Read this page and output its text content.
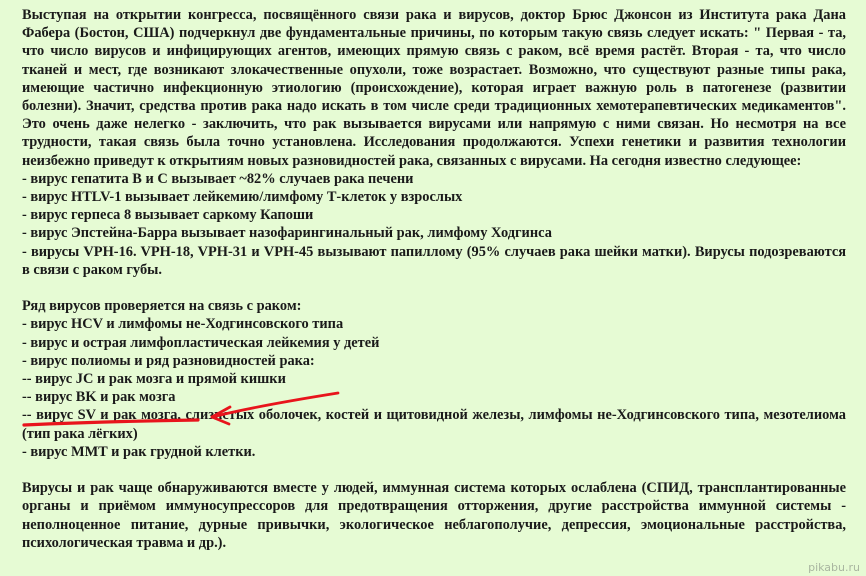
Выступая на открытии конгресса, посвящённого связи рака и вирусов, доктор Брюс Джонсон из Института рака Дана Фабера (Бостон, США) подчеркнул две фундаментальные причины, по которым такую связь следует искать: " Первая - та, что число вирусов и инфицирующих агентов, имеющих прямую связь с раком, всё время растёт. Вторая - та, что число тканей и мест, где возникают злокачественные опухоли, тоже возрастает. Возможно, что существуют разные типы рака, имеющие частично инфекционную этиологию (происхождение), которая играет важную роль в патогенезе (развитии болезни). Значит, средства против рака надо искать в том числе среди традиционных хемотерапевтических медикаментов". Это очень даже нелегко - заключить, что рак вызывается вирусами или напрямую с ними связан. Но несмотря на все трудности, такая связь была точно установлена. Исследования продолжаются. Успехи генетики и развития технологии неизбежно приведут к открытиям новых разновидностей рака, связанных с вирусами. На сегодня известно следующее:

- вирус гепатита B и C вызывает ~82% случаев рака печени
- вирус HTLV-1 вызывает лейкемию/лимфому Т-клеток у взрослых
- вирус герпеса 8 вызывает саркому Капоши
- вирус Эпстейна-Барра вызывает назофарингинальный рак, лимфому Ходгинса
- вирусы VPH-16. VPH-18, VPH-31 и VPH-45 вызывают папиллому (95% случаев рака шейки матки). Вирусы подозреваются в связи с раком губы.
Ряд вирусов проверяется на связь с раком:
- вирус HCV и лимфомы не-Ходгинсовского типа
- вирус и острая лимфопластическая лейкемия у детей
- вирус полиомы и ряд разновидностей рака:
-- вирус JC и рак мозга и прямой кишки
-- вирус BK и рак мозга
-- вирус SV и рак мозга, слизистых оболочек, костей и щитовидной железы, лимфомы не-Ходгинсовского типа, мезотелиома (тип рака лёгких)
- вирус MMT и рак грудной клетки.

Вирусы и рак чаще обнаруживаются вместе у людей, иммунная система которых ослаблена (СПИД, трансплантированные органы и приёмом иммуносупрессоров для предотвращения отторжения, другие расстройства иммунной системы - неполноценное питание, дурные привычки, экологическое неблагополучие, депрессия, эмоциональные расстройства, психологическая травма и др.).

pikabu.ru
